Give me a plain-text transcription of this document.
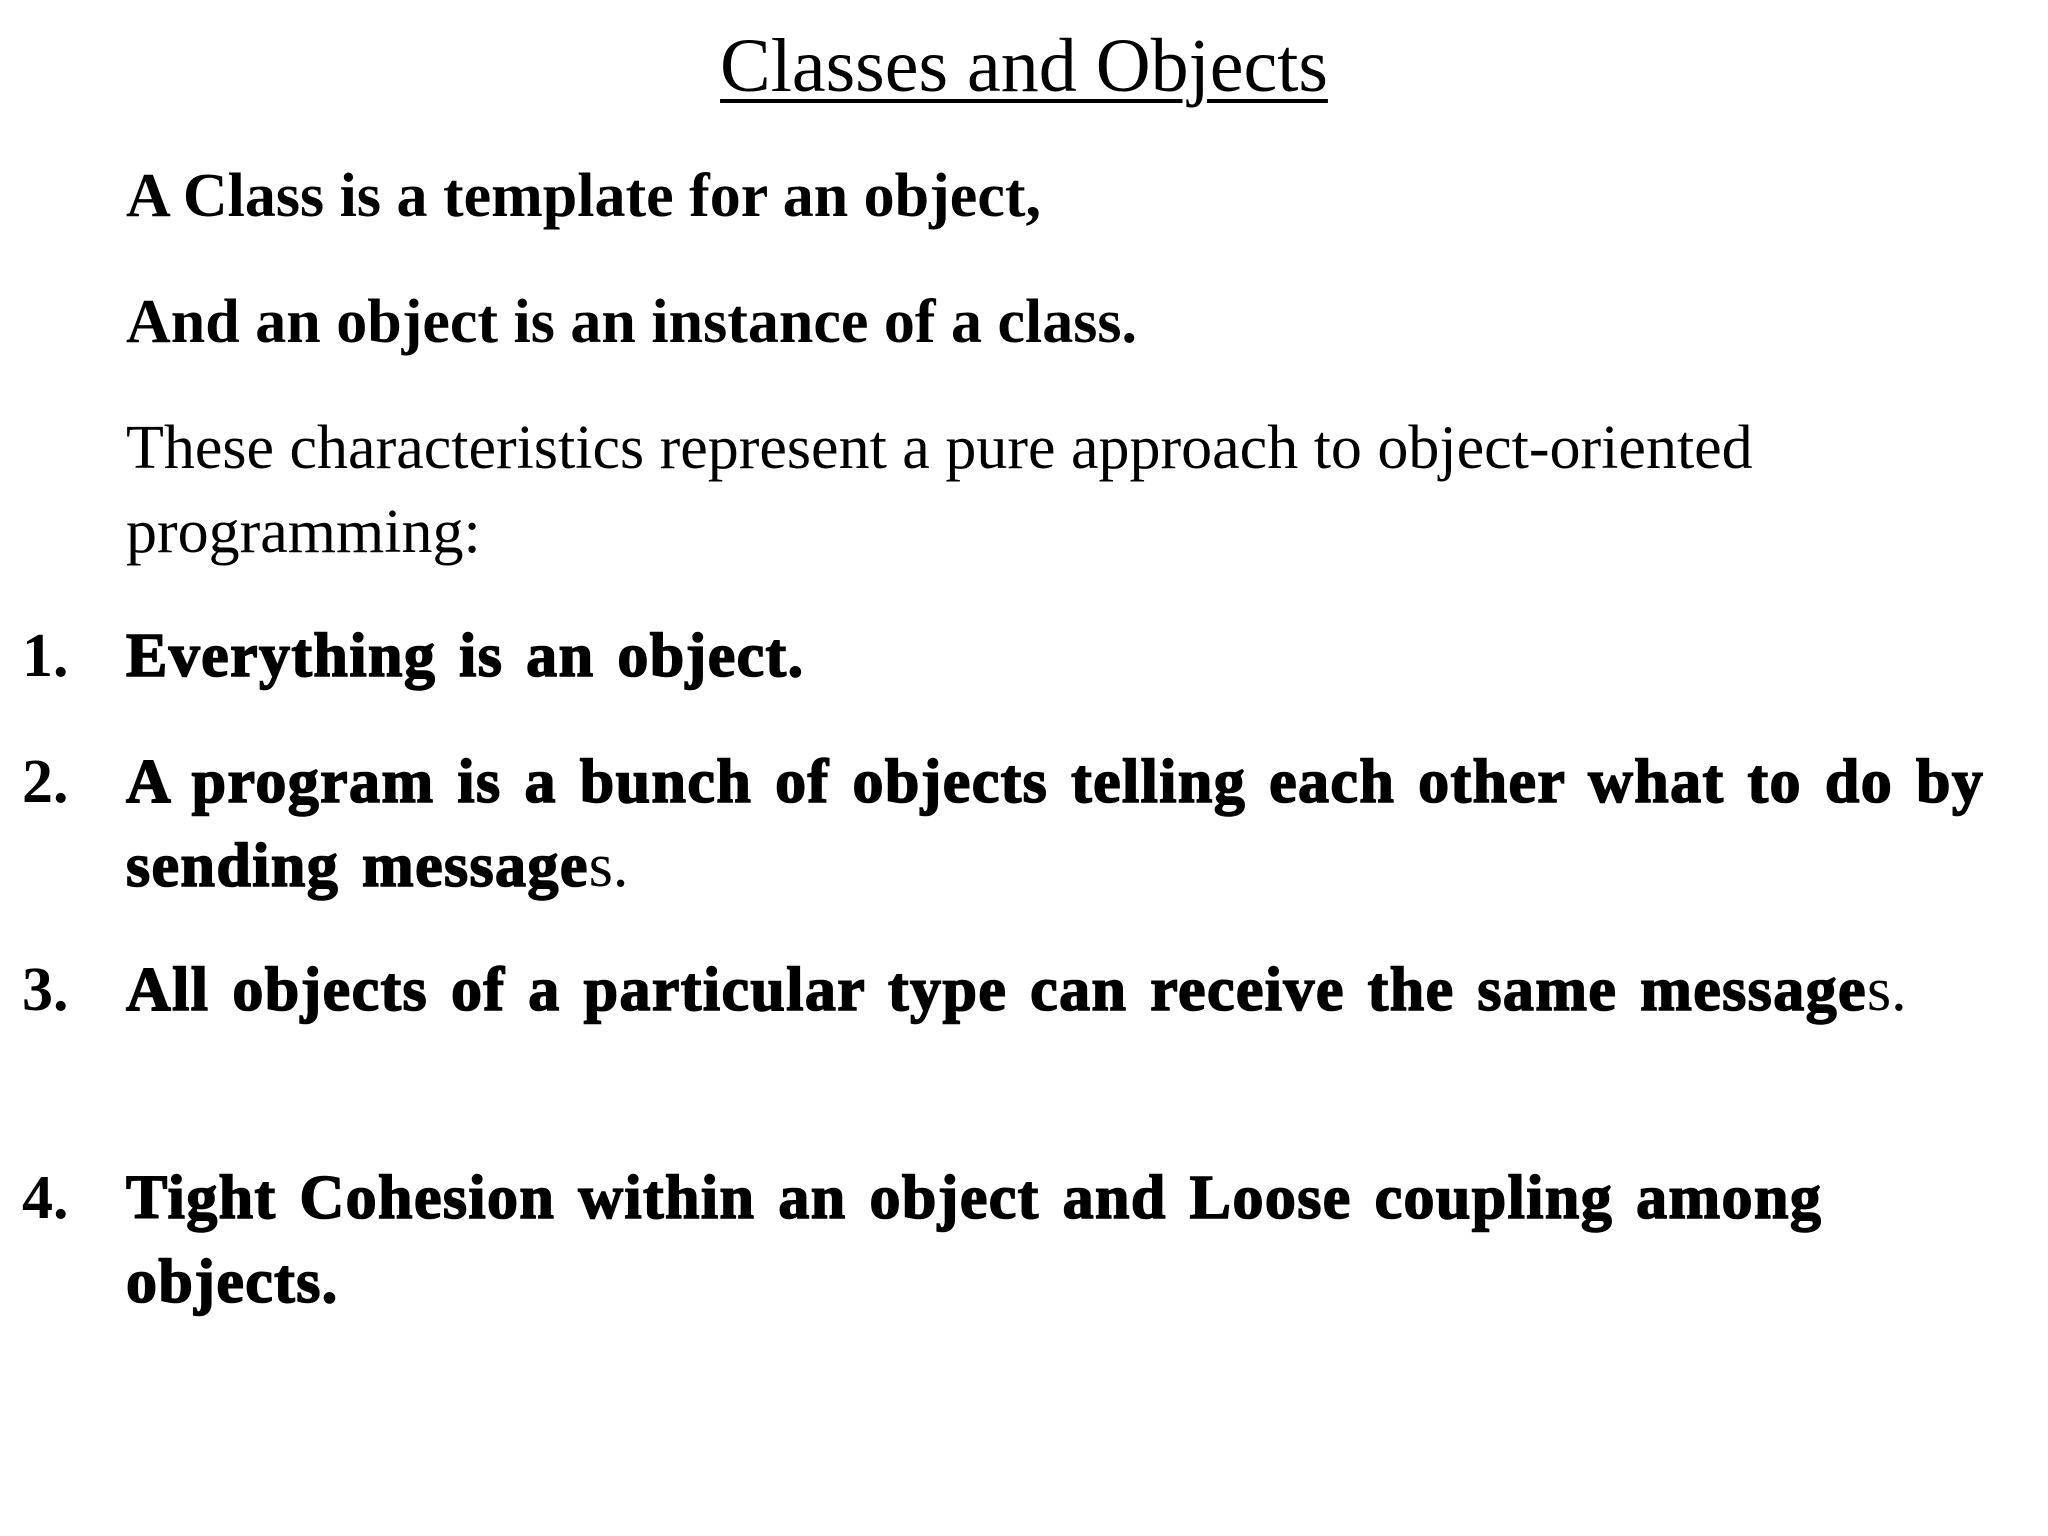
Classes and Objects

A Class is a template for an object,

And an object is an instance of a class.

These characteristics represent a pure approach to object-oriented programming:

1. Everything is an object.
2. A program is a bunch of objects telling each other what to do by sending messages.
3. All objects of a particular type can receive the same messages.
4. Tight Cohesion within an object and Loose coupling among objects.
